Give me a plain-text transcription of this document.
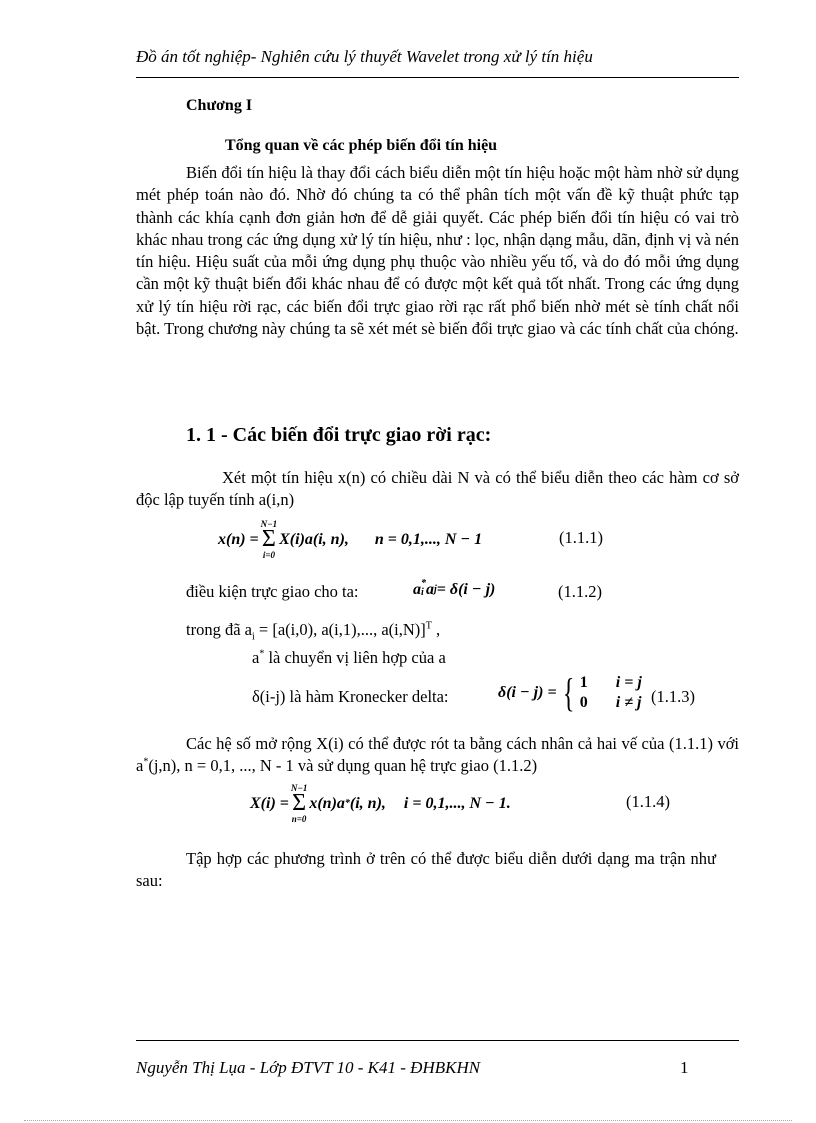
Đồ án tốt nghiệp- Nghiên cứu lý thuyết Wavelet trong xử lý tín hiệu
Chương I
Tổng quan về các phép biến đổi tín hiệu

Biến đổi tín hiệu là thay đổi cách biểu diễn một tín hiệu hoặc một hàm nhờ sử dụng mét phép toán nào đó. Nhờ đó chúng ta có thể phân tích một vấn đề kỹ thuật phức tạp thành các khía cạnh đơn giản hơn để dễ giải quyết. Các phép biến đổi tín hiệu có vai trò khác nhau trong các ứng dụng xử lý tín hiệu, như : lọc, nhận dạng mẫu, dãn, định vị và nén tín hiệu. Hiệu suất của mỗi ứng dụng phụ thuộc vào nhiều yếu tố, và do đó mỗi ứng dụng cần một kỹ thuật biến đổi khác nhau để có được một kết quả tốt nhất. Trong các ứng dụng xử lý tín hiệu rời rạc, các biến đổi trực giao rời rạc rất phổ biến nhờ mét sè tính chất nổi bật. Trong chương này chúng ta sẽ xét mét sè biến đổi trực giao và các tính chất của chóng.

1. 1 - Các biến đổi trực giao rời rạc:

Xét một tín hiệu x(n) có chiều dài N và có thể biểu diễn theo các hàm cơ sở độc lập tuyến tính a(i,n)

x(n) =
N−1
Σ
i=0
X(i)a(i, n), n = 0,1,..., N − 1	(1.1.1)
điều kiện trực giao cho ta:	a *
i a j = δ(i − j)	(1.1.2)
trong đã $a_i = [a(i,0)$, a(i,1),..., a(i,N)]$^T$ ,
a* là chuyển vị liên hợp của a
δ(i-j) là hàm Kronecker delta:	δ(i − j) = { 1	i = j
0	i ≠ j (1.1.3)

Các hệ số mở rộng X(i) có thể được rót ta bằng cách nhân cả hai vế của (1.1.1) với a*(j,n), n = 0,1, ..., N - 1 và sử dụng quan hệ trực giao (1.1.2)

X(i) =
N−1
Σ
n=0
x(n)a * (i, n), i = 0,1,..., N − 1.	(1.1.4)

Tập hợp các phương trình ở trên có thể được biểu diễn dưới dạng ma trận như sau:

Nguyễn Thị Lụa - Lớp ĐTVT 10 - K41 - ĐHBKHN	1
